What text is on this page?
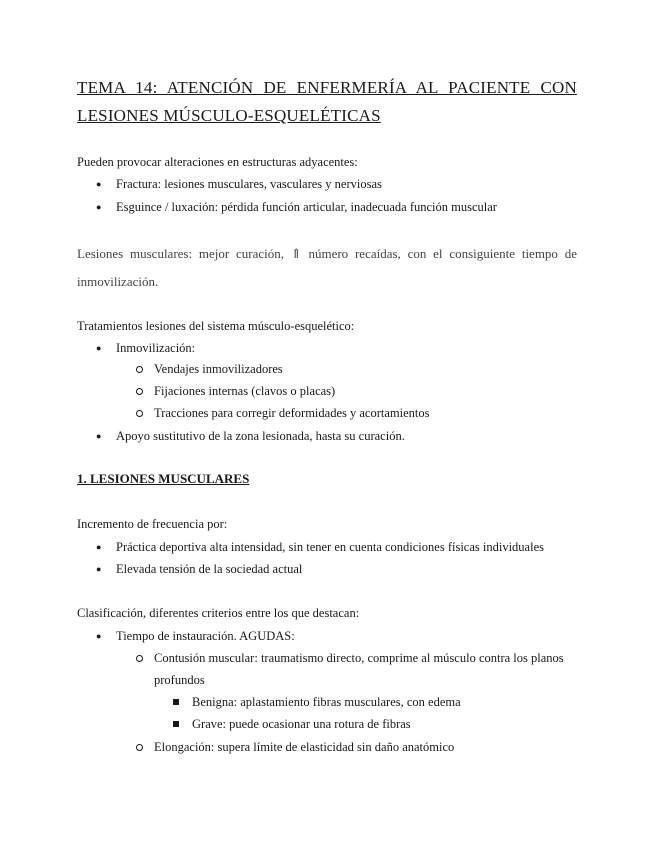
TEMA 14: ATENCIÓN DE ENFERMERÍA AL PACIENTE CON LESIONES MÚSCULO-ESQUELÉTICAS
Pueden provocar alteraciones en estructuras adyacentes:
● Fractura: lesiones musculares, vasculares y nerviosas
● Esguince / luxación: pérdida función articular, inadecuada función muscular
Lesiones musculares: mejor curación, ⇑ número recaídas, con el consiguiente tiempo de inmovilización.
Tratamientos lesiones del sistema músculo-esquelético:
● Inmovilización:
Vendajes inmovilizadores
Fijaciones internas (clavos o placas)
Tracciones para corregir deformidades y acortamientos
● Apoyo sustitutivo de la zona lesionada, hasta su curación.
1. LESIONES MUSCULARES
Incremento de frecuencia por:
● Práctica deportiva alta intensidad, sin tener en cuenta condiciones físicas individuales
● Elevada tensión de la sociedad actual
Clasificación, diferentes criterios entre los que destacan:
● Tiempo de instauración. AGUDAS:
Contusión muscular: traumatismo directo, comprime al músculo contra los planos
profundos
Benigna: aplastamiento fibras musculares, con edema
Grave: puede ocasionar una rotura de fibras
Elongación: supera límite de elasticidad sin daño anatómico
